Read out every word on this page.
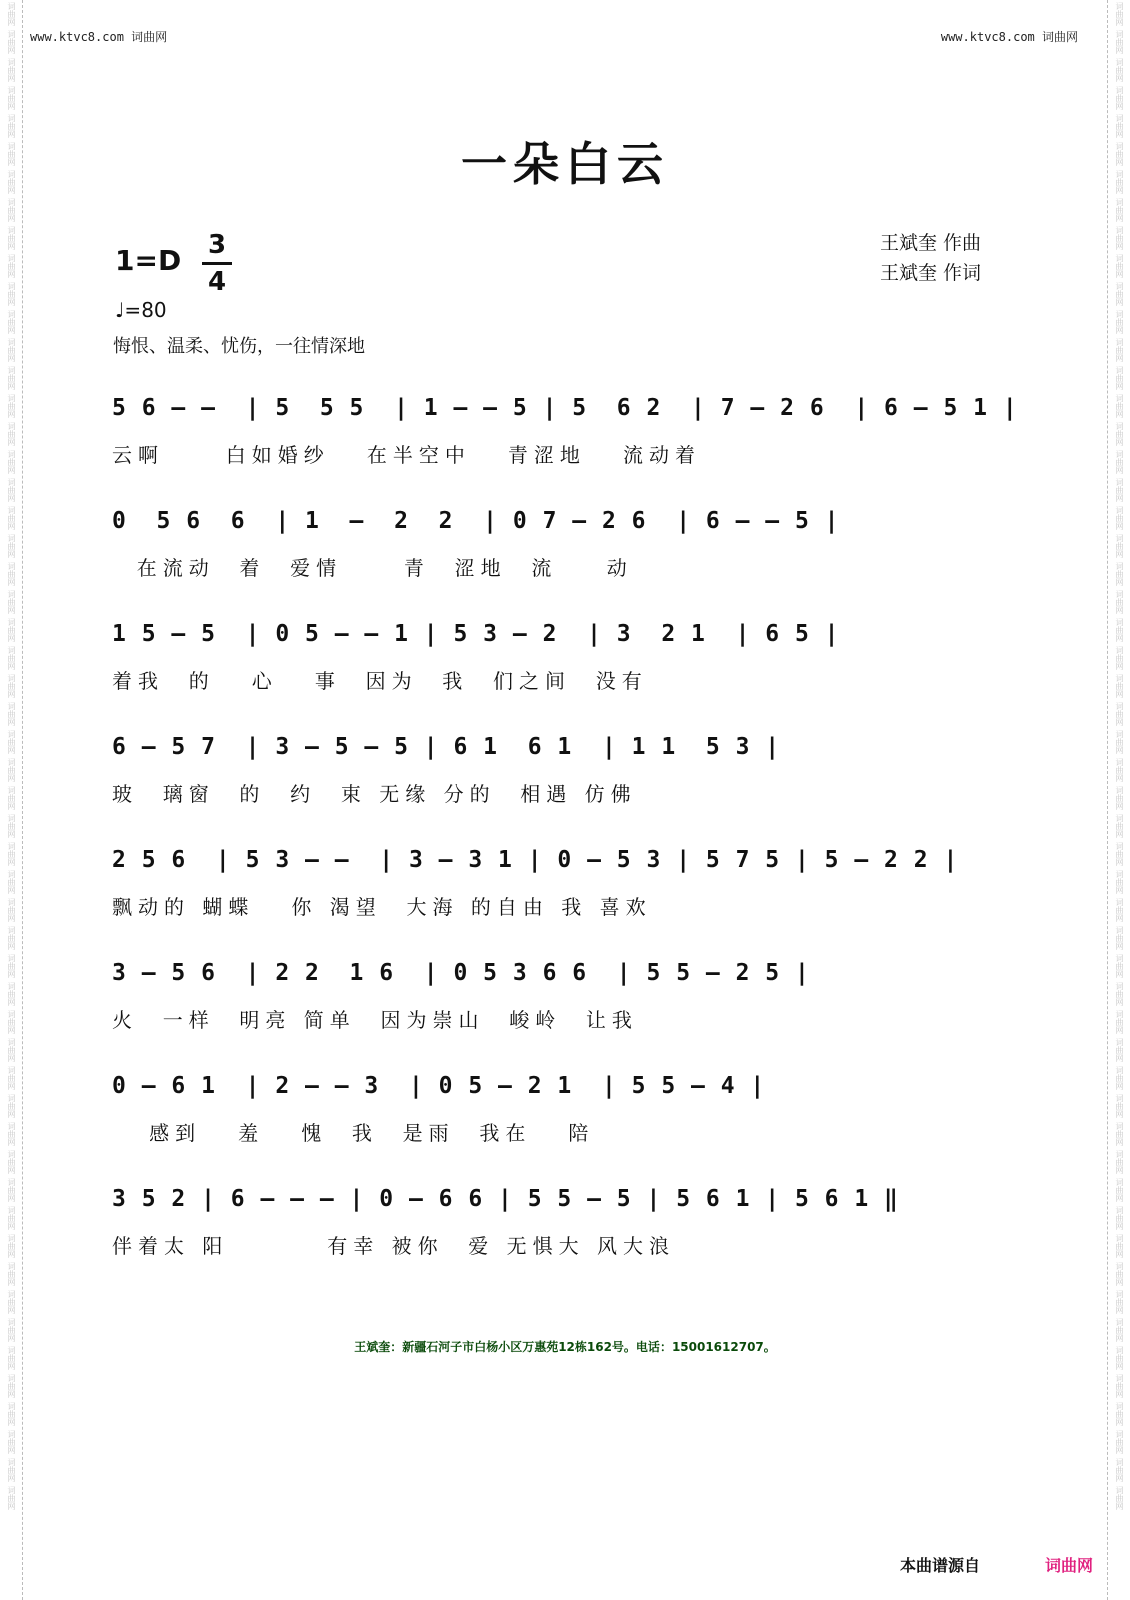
词曲网
词曲网
词曲网
词曲网
词曲网
词曲网
词曲网
词曲网
词曲网
词曲网
词曲网
词曲网
词曲网
词曲网
词曲网
词曲网
词曲网
词曲网
词曲网
词曲网
词曲网
词曲网
词曲网
词曲网
词曲网
词曲网
词曲网
词曲网
词曲网
词曲网
词曲网
词曲网
词曲网
词曲网
词曲网
词曲网
词曲网
词曲网
词曲网
词曲网
词曲网
词曲网
词曲网
词曲网
词曲网
词曲网
词曲网
词曲网
词曲网
词曲网
词曲网
词曲网
词曲网
词曲网
词曲网
词曲网
词曲网
词曲网
词曲网
词曲网
词曲网
词曲网
词曲网
词曲网
词曲网
词曲网
词曲网
词曲网
词曲网
词曲网
词曲网
词曲网
词曲网
词曲网
词曲网
词曲网
词曲网
词曲网
词曲网
词曲网
词曲网
词曲网
词曲网
词曲网
词曲网
词曲网
词曲网
词曲网
词曲网
词曲网
词曲网
词曲网
词曲网
词曲网
词曲网
词曲网
词曲网
词曲网
词曲网
词曲网
词曲网
词曲网
词曲网
词曲网
词曲网
词曲网
词曲网
词曲网
www.ktvc8.com 词曲网	www.ktvc8.com 词曲网
一朵白云
1=D 3
4
♩=80
悔恨、温柔、忧伤，一往情深地
王斌奎 作曲
王斌奎 作词
5 6 – –  | 5  5 5  | 1 – – 5 | 5  6 2  | 7 – 2 6  | 6 – 5 1 |
云啊     白如婚纱   在半空中   青涩地   流动着
0  5 6  6  | 1  –  2  2  | 0 7 – 2 6  | 6 – – 5 |
在流动  着  爱情     青  涩地  流    动
1 5 – 5  | 0 5 – – 1 | 5 3 – 2  | 3  2 1  | 6 5 |
着我  的   心   事  因为  我  们之间  没有
6 – 5 7  | 3 – 5 – 5 | 6 1  6 1  | 1 1  5 3 |
玻  璃窗  的  约  束 无缘 分的  相遇 仿佛
2 5 6  | 5 3 – –  | 3 – 3 1 | 0 – 5 3 | 5 7 5 | 5 – 2 2 |
飘动的 蝴蝶   你 渴望  大海 的自由 我 喜欢
3 – 5 6  | 2 2  1 6  | 0 5 3 6 6  | 5 5 – 2 5 |
火  一样  明亮 简单  因为崇山  峻岭  让我
0 – 6 1  | 2 – – 3  | 0 5 – 2 1  | 5 5 – 4 |
感到   羞   愧  我  是雨  我在   陪
3 5 2 | 6 – – – | 0 – 6 6 | 5 5 – 5 | 5 6 1 | 5 6 1 ‖
伴着太 阳        有幸 被你  爱 无惧大 风大浪
王斌奎：新疆石河子市白杨小区万惠苑12栋162号。电话：15001612707。
本曲谱源自	词曲网
